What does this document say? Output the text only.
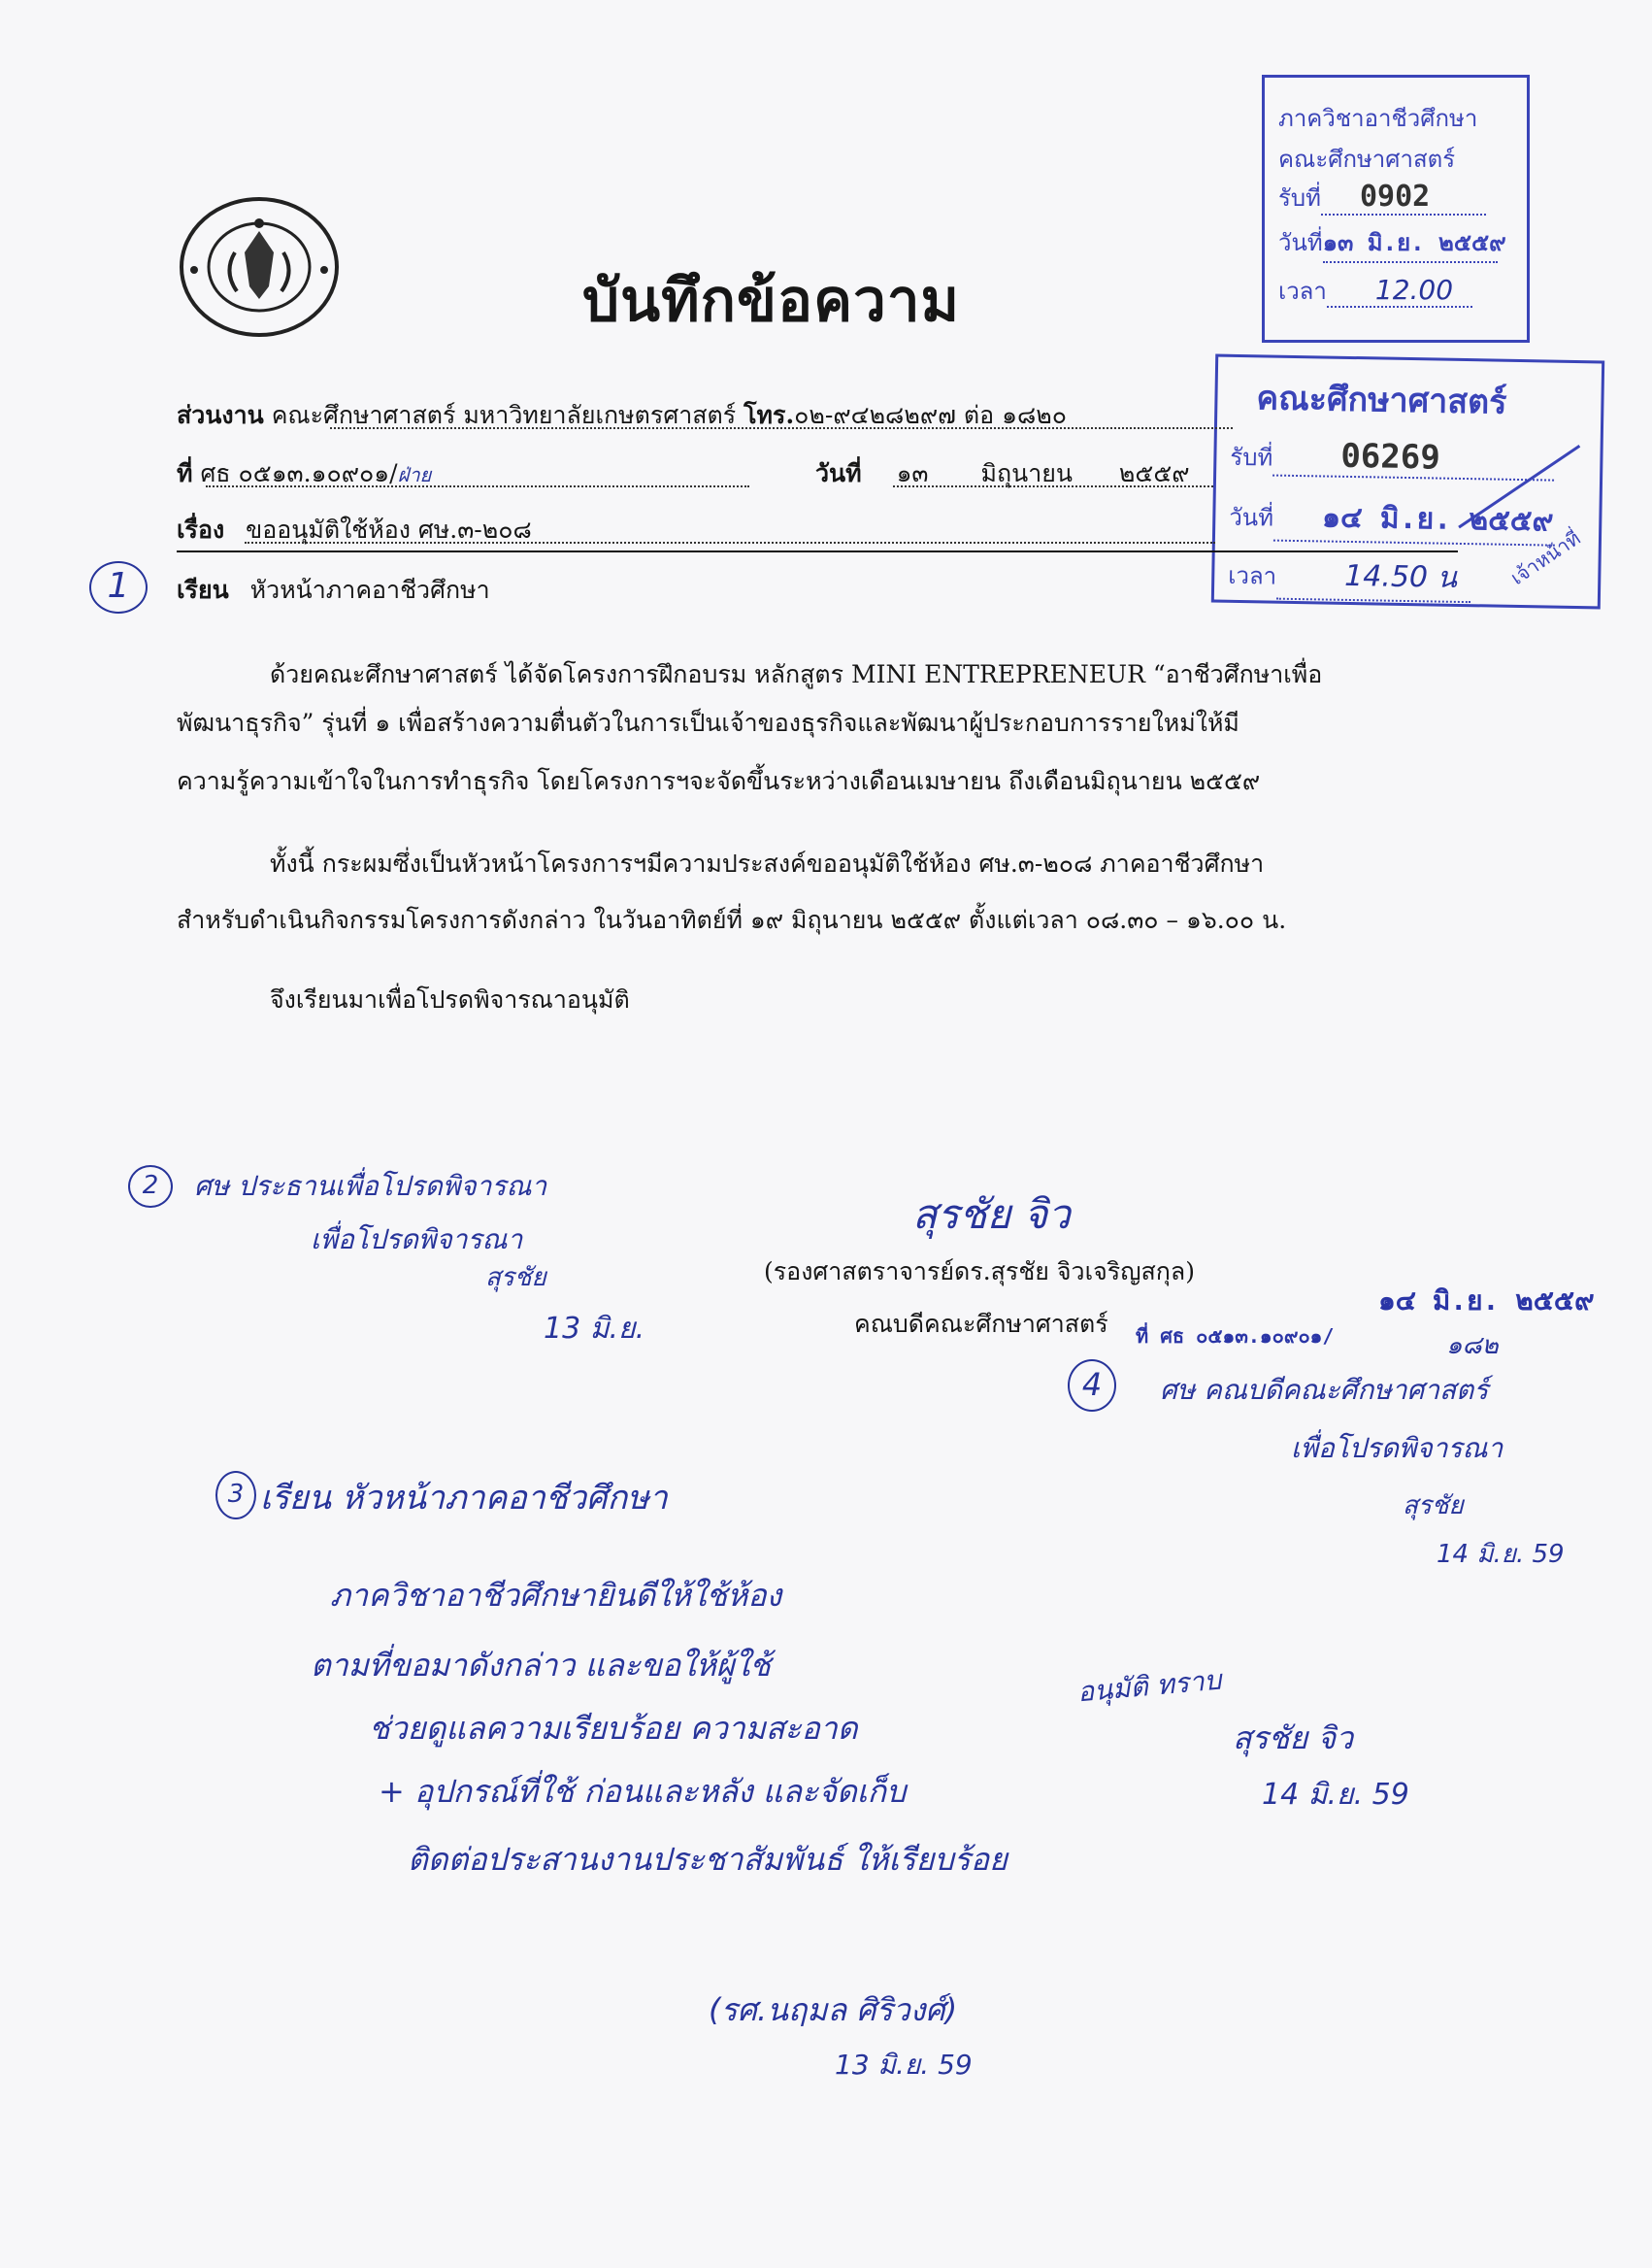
บันทึกข้อความ
ภาควิชาอาชีวศึกษา
คณะศึกษาศาสตร์
รับที่ 0902
วันที่๑๓ มิ.ย. ๒๕๕๙
เวลา 12.00
คณะศึกษาศาสตร์
รับที่ 06269
วันที่ ๑๔ มิ.ย. ๒๕๕๙
เวลา 14.50 น	เจ้าหน้าที่
ส่วนงาน คณะศึกษาศาสตร์ มหาวิทยาลัยเกษตรศาสตร์ โทร.๐๒-๙๔๒๘๒๙๗ ต่อ ๑๘๒๐
ที่ ศธ ๐๕๑๓.๑๐๙๐๑/ฝ่าย	วันที่ ๑๓ มิถุนายน ๒๕๕๙
เรื่อง ขออนุมัติใช้ห้อง ศษ.๓-๒๐๘
1	เรียน หัวหน้าภาคอาชีวศึกษา
ด้วยคณะศึกษาศาสตร์ ได้จัดโครงการฝึกอบรม หลักสูตร MINI ENTREPRENEUR “อาชีวศึกษาเพื่อ
พัฒนาธุรกิจ” รุ่นที่ ๑ เพื่อสร้างความตื่นตัวในการเป็นเจ้าของธุรกิจและพัฒนาผู้ประกอบการรายใหม่ให้มี
ความรู้ความเข้าใจในการทำธุรกิจ โดยโครงการฯจะจัดขึ้นระหว่างเดือนเมษายน ถึงเดือนมิถุนายน ๒๕๕๙
ทั้งนี้ กระผมซึ่งเป็นหัวหน้าโครงการฯมีความประสงค์ขออนุมัติใช้ห้อง ศษ.๓-๒๐๘ ภาคอาชีวศึกษา
สำหรับดำเนินกิจกรรมโครงการดังกล่าว ในวันอาทิตย์ที่ ๑๙ มิถุนายน ๒๕๕๙ ตั้งแต่เวลา ๐๘.๓๐ – ๑๖.๐๐ น.
จึงเรียนมาเพื่อโปรดพิจารณาอนุมัติ
2	ศษ ประธานเพื่อโปรดพิจารณา
เพื่อโปรดพิจารณา
สุรชัย
13 มิ.ย.
สุรชัย จิว
(รองศาสตราจารย์ดร.สุรชัย จิวเจริญสกุล)
คณบดีคณะศึกษาศาสตร์
๑๔ มิ.ย. ๒๕๕๙
ที่ ศธ ๐๕๑๓.๑๐๙๐๑/	๑๘๒
4	ศษ คณบดีคณะศึกษาศาสตร์
เพื่อโปรดพิจารณา
สุรชัย
14 มิ.ย. 59
3 เรียน หัวหน้าภาคอาชีวศึกษา
ภาควิชาอาชีวศึกษายินดีให้ใช้ห้อง
ตามที่ขอมาดังกล่าว และขอให้ผู้ใช้
ช่วยดูแลความเรียบร้อย ความสะอาด
+ อุปกรณ์ที่ใช้ ก่อนและหลัง และจัดเก็บ
ติดต่อประสานงานประชาสัมพันธ์ ให้เรียบร้อย
(รศ.นฤมล ศิริวงศ์)
13 มิ.ย. 59
อนุมัติ ทราบ
สุรชัย จิว
14 มิ.ย. 59
